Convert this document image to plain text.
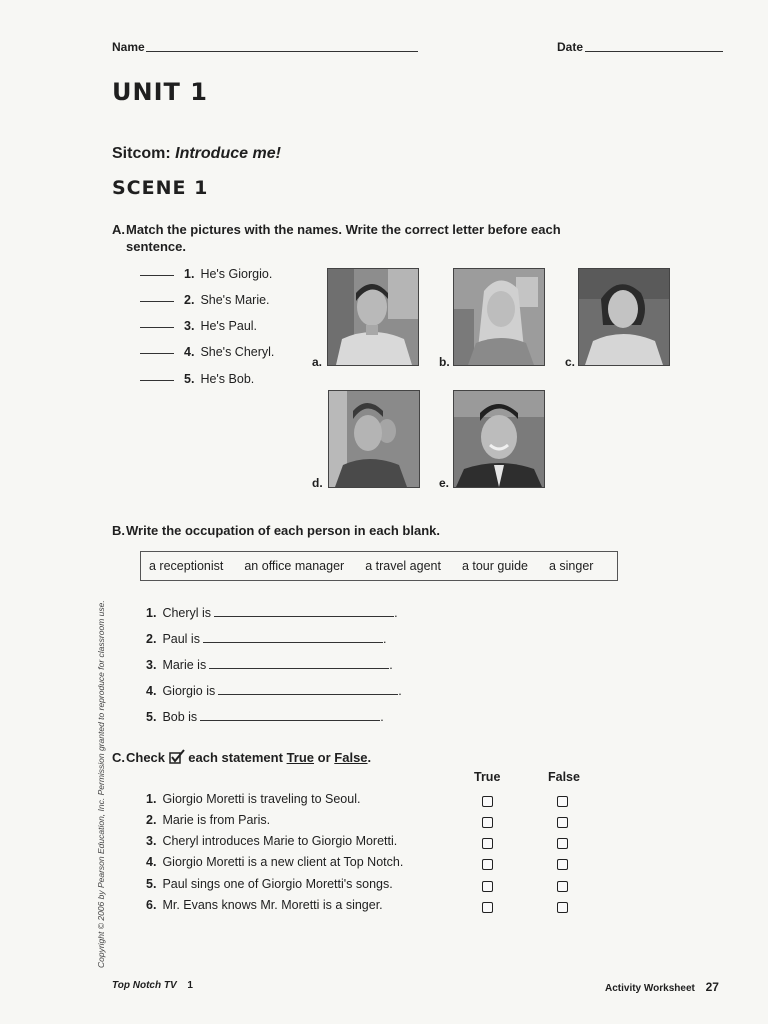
Name	Date
UNIT 1
Sitcom: Introduce me!
SCENE 1
A. Match the pictures with the names. Write the correct letter before each sentence.
1. He's Giorgio.
2. She's Marie.
3. He's Paul.
4. She's Cheryl.
5. He's Bob.
a.	b.	c.
d.	e.
B. Write the occupation of each person in each blank.
a receptionist an office manager a travel agent a tour guide a singer
1. Cheryl is	.
2. Paul is	.
3. Marie is	.
4. Giorgio is	.
5. Bob is	.
C. Check each statement True or False.
True	False
1. Giorgio Moretti is traveling to Seoul.
2. Marie is from Paris.
3. Cheryl introduces Marie to Giorgio Moretti.
4. Giorgio Moretti is a new client at Top Notch.
5. Paul sings one of Giorgio Moretti's songs.
6. Mr. Evans knows Mr. Moretti is a singer.
Copyright © 2006 by Pearson Education, Inc. Permission granted to reproduce for classroom use.
Top Notch TV 1	Activity Worksheet 27
